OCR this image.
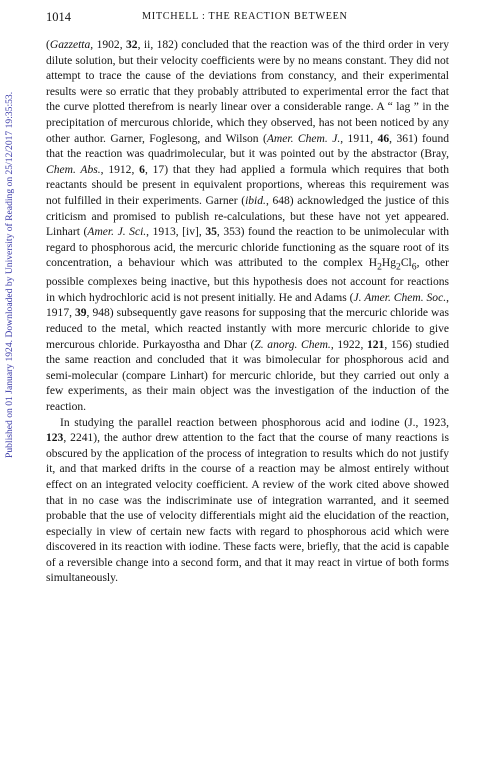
Published on 01 January 1924. Downloaded by University of Reading on 25/12/2017 19:35:53.
1014	MITCHELL : THE REACTION BETWEEN

(Gazzetta, 1902, 32, ii, 182) concluded that the reaction was of the third order in very dilute solution, but their velocity coefficients were by no means constant. They did not attempt to trace the cause of the deviations from constancy, and their experimental results were so erratic that they probably attributed to experimental error the fact that the curve plotted therefrom is nearly linear over a considerable range. A “ lag ” in the precipitation of mercurous chloride, which they observed, has not been noticed by any other author. Garner, Foglesong, and Wilson (Amer. Chem. J., 1911, 46, 361) found that the reaction was quadrimolecular, but it was pointed out by the abstractor (Bray, Chem. Abs., 1912, 6, 17) that they had applied a formula which requires that both reactants should be present in equivalent proportions, whereas this requirement was not fulfilled in their experiments. Garner (ibid., 648) acknowledged the justice of this criticism and promised to publish re-calculations, but these have not yet appeared. Linhart (Amer. J. Sci., 1913, [iv], 35, 353) found the reaction to be unimolecular with regard to phosphorous acid, the mercuric chloride functioning as the square root of its concentration, a behaviour which was attributed to the complex $H_2Hg_2Cl_6$, other possible complexes being inactive, but this hypothesis does not account for reactions in which hydrochloric acid is not present initially. He and Adams (J. Amer. Chem. Soc., 1917, 39, 948) subsequently gave reasons for supposing that the mercuric chloride was reduced to the metal, which reacted instantly with more mercuric chloride to give mercurous chloride. Purkayostha and Dhar (Z. anorg. Chem., 1922, 121, 156) studied the same reaction and concluded that it was bimolecular for phosphorous acid and semi-molecular (compare Linhart) for mercuric chloride, but they carried out only a few experiments, as their main object was the investigation of the induction of the reaction.

In studying the parallel reaction between phosphorous acid and iodine (J., 1923, 123, 2241), the author drew attention to the fact that the course of many reactions is obscured by the application of the process of integration to results which do not justify it, and that marked drifts in the course of a reaction may be almost entirely without effect on an integrated velocity coefficient. A review of the work cited above showed that in no case was the indiscriminate use of integration warranted, and it seemed probable that the use of velocity differentials might aid the elucidation of the reaction, especially in view of certain new facts with regard to phosphorous acid which were discovered in its reaction with iodine. These facts were, briefly, that the acid is capable of a reversible change into a second form, and that it may react in virtue of both forms simultaneously.
